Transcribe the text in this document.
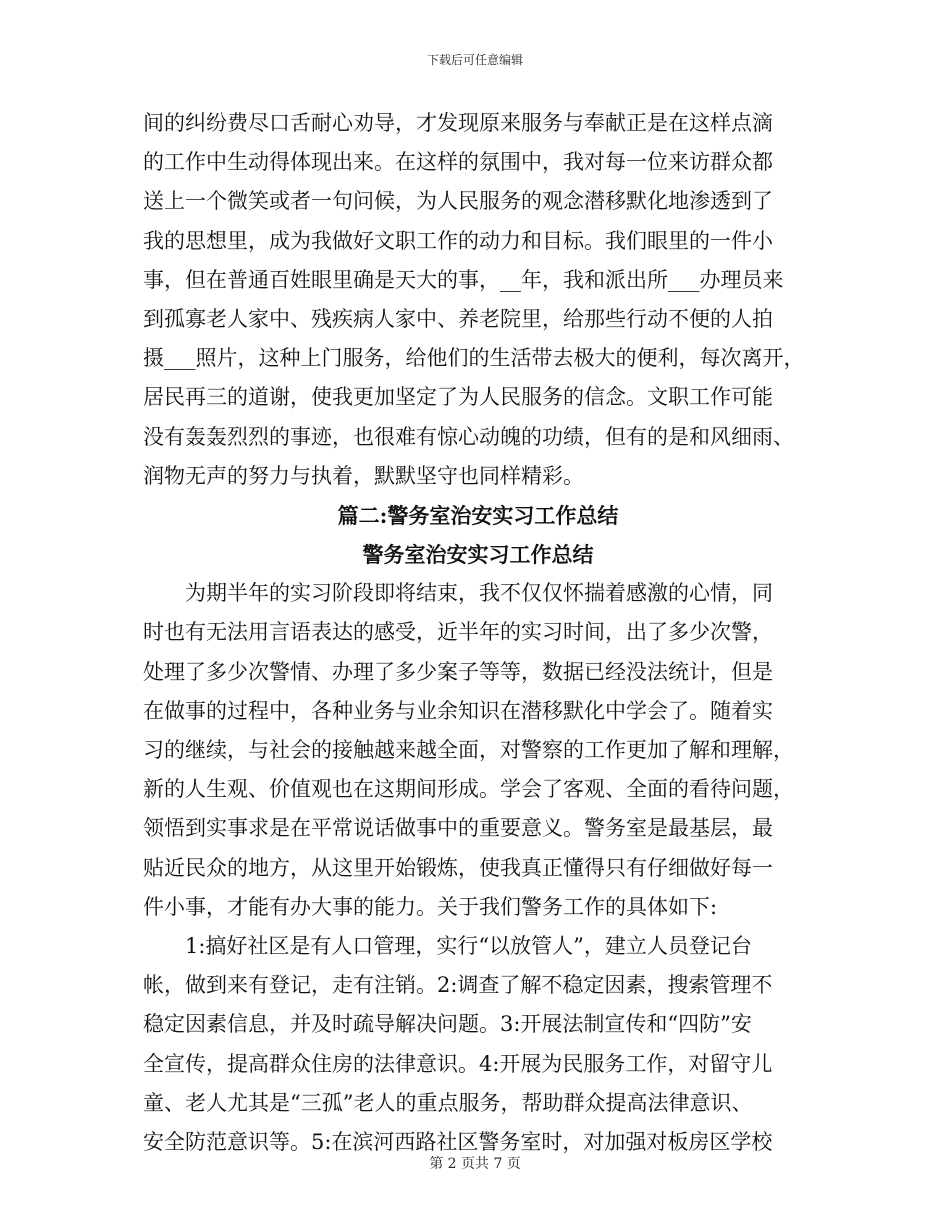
下载后可任意编辑
间的纠纷费尽口舌耐心劝导，才发现原来服务与奉献正是在这样点滴
的工作中生动得体现出来。在这样的氛围中，我对每一位来访群众都
送上一个微笑或者一句问候，为人民服务的观念潜移默化地渗透到了
我的思想里，成为我做好文职工作的动力和目标。我们眼里的一件小
事，但在普通百姓眼里确是天大的事，__年，我和派出所___办理员来
到孤寡老人家中、残疾病人家中、养老院里，给那些行动不便的人拍
摄___照片，这种上门服务，给他们的生活带去极大的便利，每次离开，
居民再三的道谢，使我更加坚定了为人民服务的信念。文职工作可能
没有轰轰烈烈的事迹，也很难有惊心动魄的功绩，但有的是和风细雨、
润物无声的努力与执着，默默坚守也同样精彩。
篇二:警务室治安实习工作总结
警务室治安实习工作总结
为期半年的实习阶段即将结束，我不仅仅怀揣着感激的心情，同
时也有无法用言语表达的感受，近半年的实习时间，出了多少次警，
处理了多少次警情、办理了多少案子等等，数据已经没法统计，但是
在做事的过程中，各种业务与业余知识在潜移默化中学会了。随着实
习的继续，与社会的接触越来越全面，对警察的工作更加了解和理解，
新的人生观、价值观也在这期间形成。学会了客观、全面的看待问题，
领悟到实事求是在平常说话做事中的重要意义。警务室是最基层，最
贴近民众的地方，从这里开始锻炼，使我真正懂得只有仔细做好每一
件小事，才能有办大事的能力。关于我们警务工作的具体如下:
1:搞好社区是有人口管理，实行“以放管人”，建立人员登记台
帐，做到来有登记，走有注销。2:调查了解不稳定因素，搜索管理不
稳定因素信息，并及时疏导解决问题。3:开展法制宣传和“四防”安
全宣传，提高群众住房的法律意识。4:开展为民服务工作，对留守儿
童、老人尤其是“三孤”老人的重点服务，帮助群众提高法律意识、
安全防范意识等。5:在滨河西路社区警务室时，对加强对板房区学校
第 2 页共 7 页
